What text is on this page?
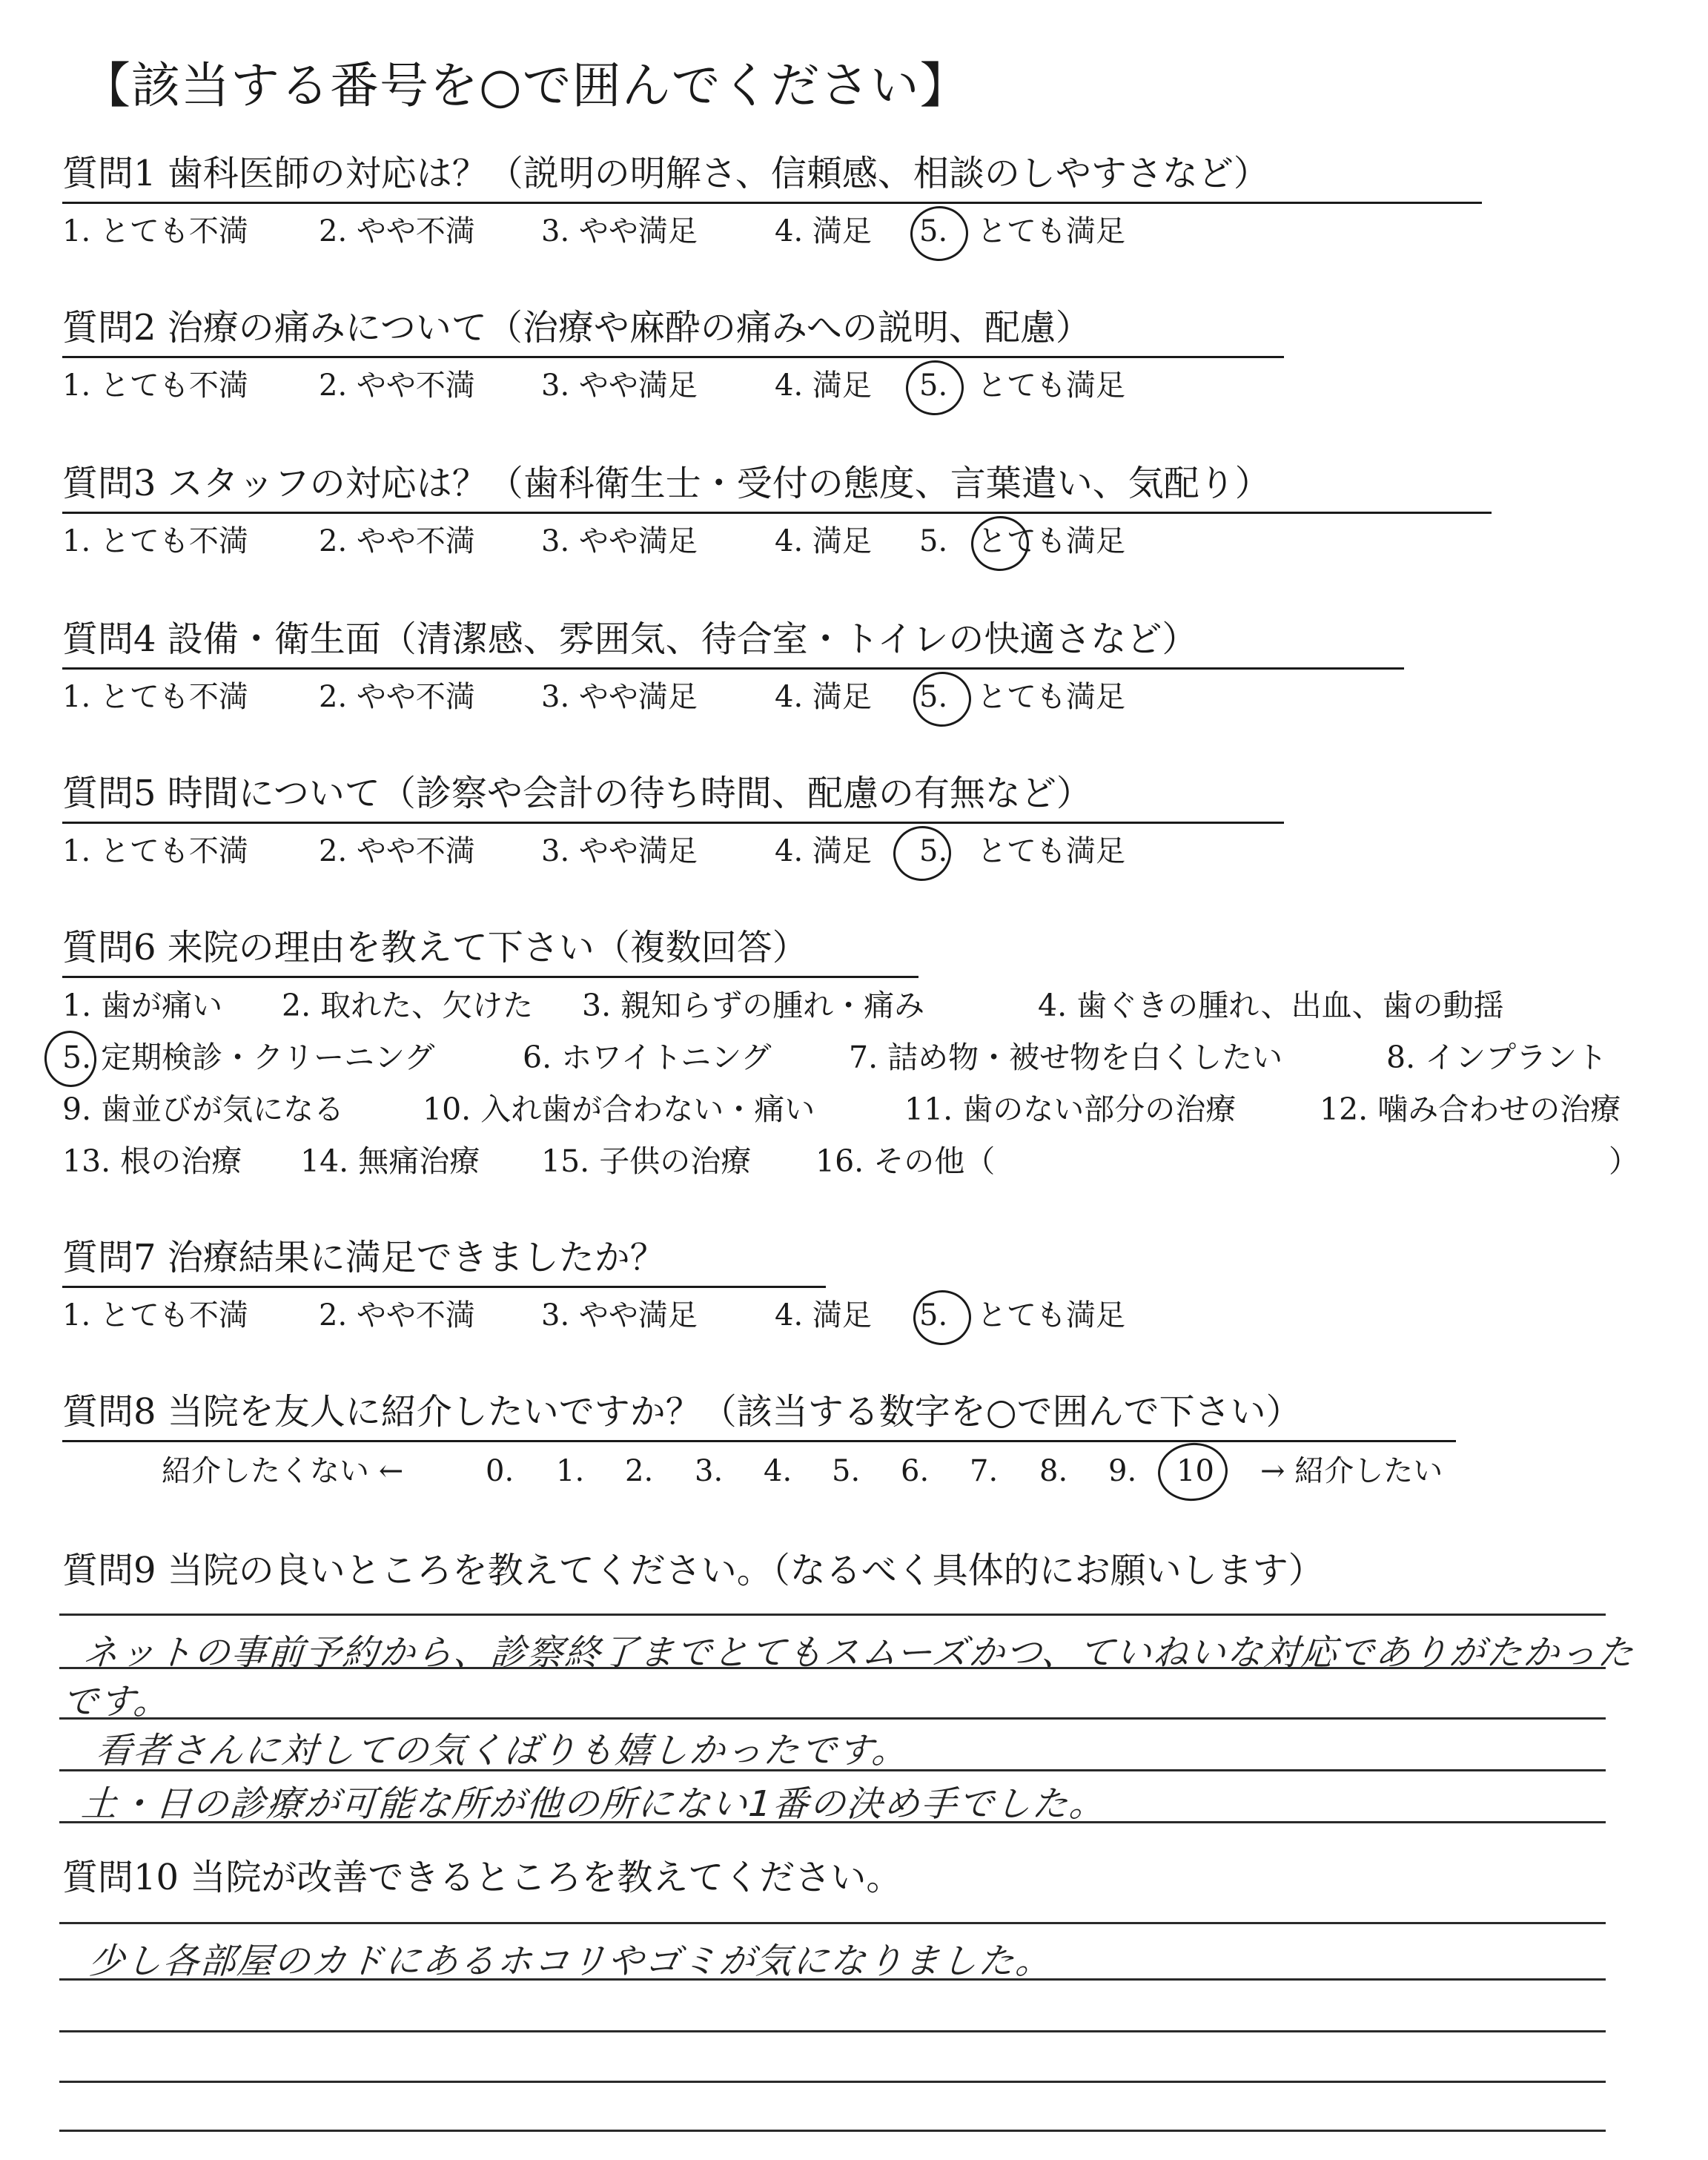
【該当する番号を○で囲んでください】
質問1 歯科医師の対応は？（説明の明解さ、信頼感、相談のしやすさなど）
1. とても不満 2. やや不満 3. やや満足	4. 満足 5. とても満足
質問2 治療の痛みについて（治療や麻酔の痛みへの説明、配慮）
1. とても不満 2. やや不満 3. やや満足	4. 満足 5. とても満足
質問3 スタッフの対応は？（歯科衛生士・受付の態度、言葉遣い、気配り）
1. とても不満 2. やや不満 3. やや満足	4. 満足 5. とても満足
質問4 設備・衛生面（清潔感、雰囲気、待合室・トイレの快適さなど）
1. とても不満 2. やや不満 3. やや満足	4. 満足 5. とても満足
質問5 時間について（診察や会計の待ち時間、配慮の有無など）
1. とても不満 2. やや不満 3. やや満足	4. 満足 5. とても満足
質問7 治療結果に満足できましたか？
1. とても不満 2. やや不満 3. やや満足	4. 満足 5. とても満足
質問6 来院の理由を教えて下さい（複数回答）
1. 歯が痛い 2. 取れた、欠けた 3. 親知らずの腫れ・痛み	4. 歯ぐきの腫れ、出血、歯の動揺
5. 定期検診・クリーニング	6. ホワイトニング	7. 詰め物・被せ物を白くしたい	8. インプラント
9. 歯並びが気になる	10. 入れ歯が合わない・痛い	11. 歯のない部分の治療	12. 噛み合わせの治療
13. 根の治療 14. 無痛治療 15. 子供の治療 16. その他（	）
質問8 当院を友人に紹介したいですか？（該当する数字を○で囲んで下さい）
紹介したくない ←	0. 1. 2. 3. 4. 5. 6. 7. 8. 9. 10 → 紹介したい
質問9 当院の良いところを教えてください。（なるべく具体的にお願いします）
ネットの事前予約から、診察終了までとてもスムーズかつ、ていねいな対応でありがたかった
です。
看者さんに対しての気くばりも嬉しかったです。
土・日の診療が可能な所が他の所にない1番の決め手でした。
質問10 当院が改善できるところを教えてください。
少し各部屋のカドにあるホコリやゴミが気になりました。
